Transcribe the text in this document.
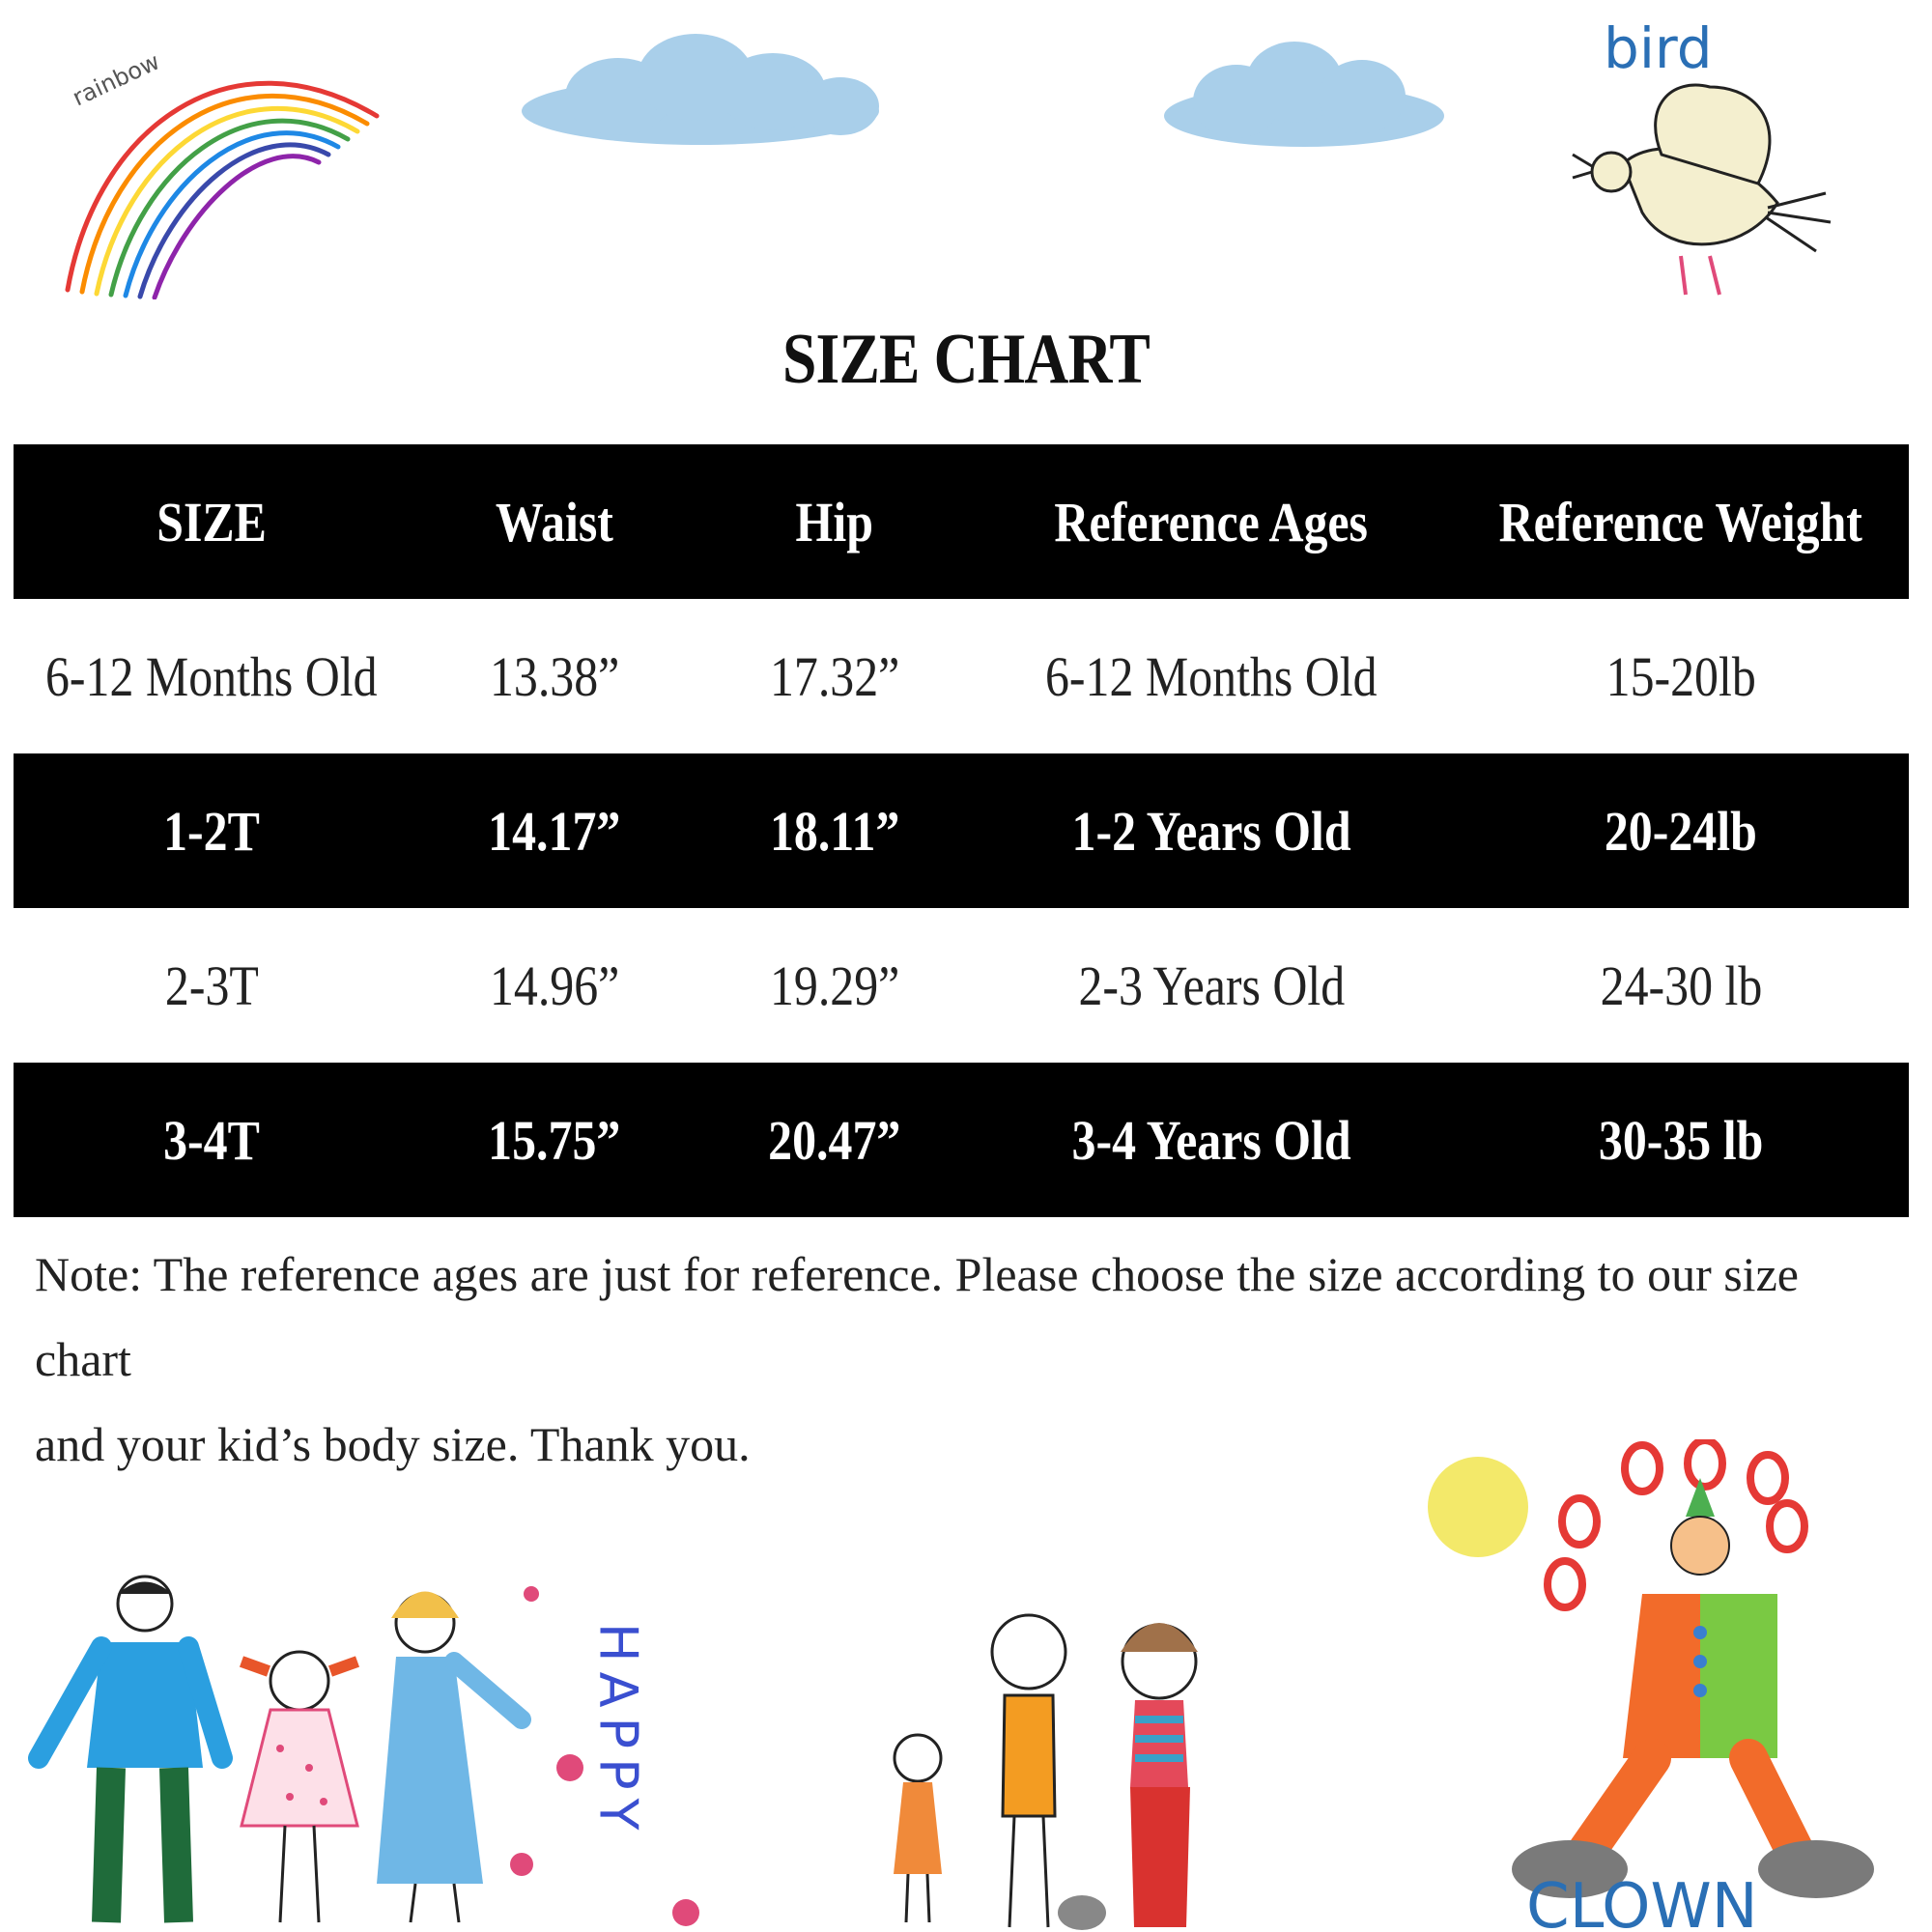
rainbow	bird
SIZE CHART
SIZE	Waist	Hip	Reference Ages	Reference Weight
6-12 Months Old	13.38”	17.32”	6-12 Months Old	15-20lb
1-2T	14.17”	18.11”	1-2 Years Old	20-24lb
2-3T	14.96”	19.29”	2-3 Years Old	24-30 lb
3-4T	15.75”	20.47”	3-4 Years Old	30-35 lb
Note: The reference ages are just for reference. Please choose the size according to our size chart
and your kid’s body size. Thank you.
HAPPY
CLOWN
